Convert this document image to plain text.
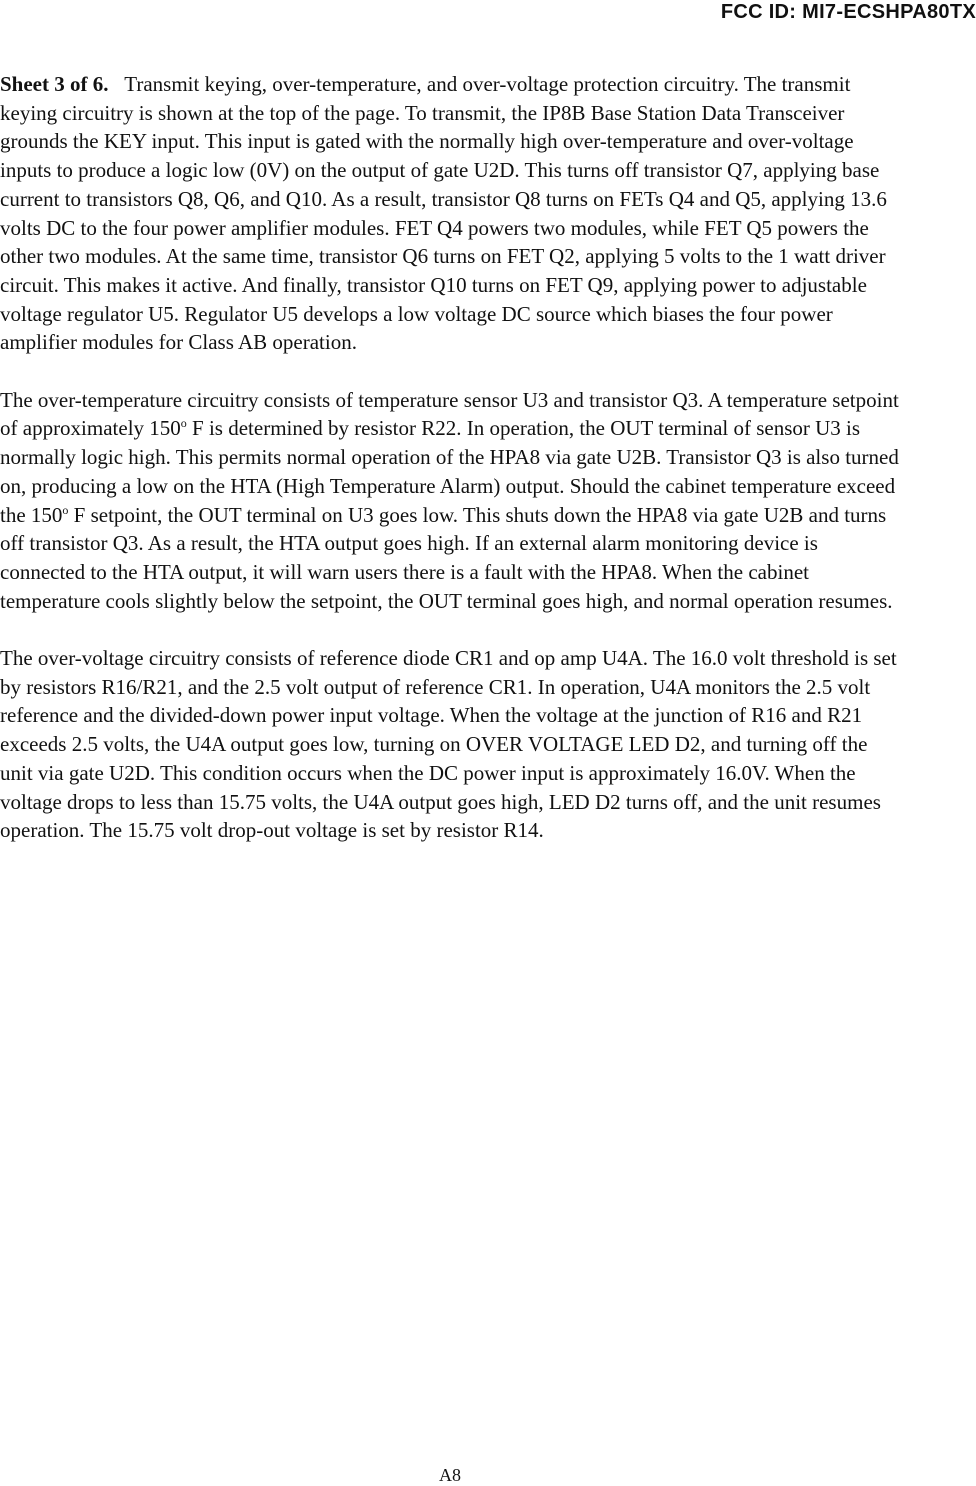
FCC ID: MI7-ECSHPA80TX

Sheet 3 of 6. Transmit keying, over-temperature, and over-voltage protection circuitry. The transmit keying circuitry is shown at the top of the page. To transmit, the IP8B Base Station Data Transceiver grounds the KEY input. This input is gated with the normally high over-temperature and over-voltage inputs to produce a logic low (0V) on the output of gate U2D. This turns off transistor Q7, applying base current to transistors Q8, Q6, and Q10. As a result, transistor Q8 turns on FETs Q4 and Q5, applying 13.6 volts DC to the four power amplifier modules. FET Q4 powers two modules, while FET Q5 powers the other two modules. At the same time, transistor Q6 turns on FET Q2, applying 5 volts to the 1 watt driver circuit. This makes it active. And finally, transistor Q10 turns on FET Q9, applying power to adjustable voltage regulator U5. Regulator U5 develops a low voltage DC source which biases the four power amplifier modules for Class AB operation.

The over-temperature circuitry consists of temperature sensor U3 and transistor Q3. A temperature setpoint of approximately 150$^o$ F is determined by resistor R22. In operation, the OUT terminal of sensor U3 is normally logic high. This permits normal operation of the HPA8 via gate U2B. Transistor Q3 is also turned on, producing a low on the HTA (High Temperature Alarm) output. Should the cabinet temperature exceed the 150$^o$ F setpoint, the OUT terminal on U3 goes low. This shuts down the HPA8 via gate U2B and turns off transistor Q3. As a result, the HTA output goes high. If an external alarm monitoring device is connected to the HTA output, it will warn users there is a fault with the HPA8. When the cabinet temperature cools slightly below the setpoint, the OUT terminal goes high, and normal operation resumes.

The over-voltage circuitry consists of reference diode CR1 and op amp U4A. The 16.0 volt threshold is set by resistors R16/R21, and the 2.5 volt output of reference CR1. In operation, U4A monitors the 2.5 volt reference and the divided-down power input voltage. When the voltage at the junction of R16 and R21 exceeds 2.5 volts, the U4A output goes low, turning on OVER VOLTAGE LED D2, and turning off the unit via gate U2D. This condition occurs when the DC power input is approximately 16.0V. When the voltage drops to less than 15.75 volts, the U4A output goes high, LED D2 turns off, and the unit resumes operation. The 15.75 volt drop-out voltage is set by resistor R14.

A8
